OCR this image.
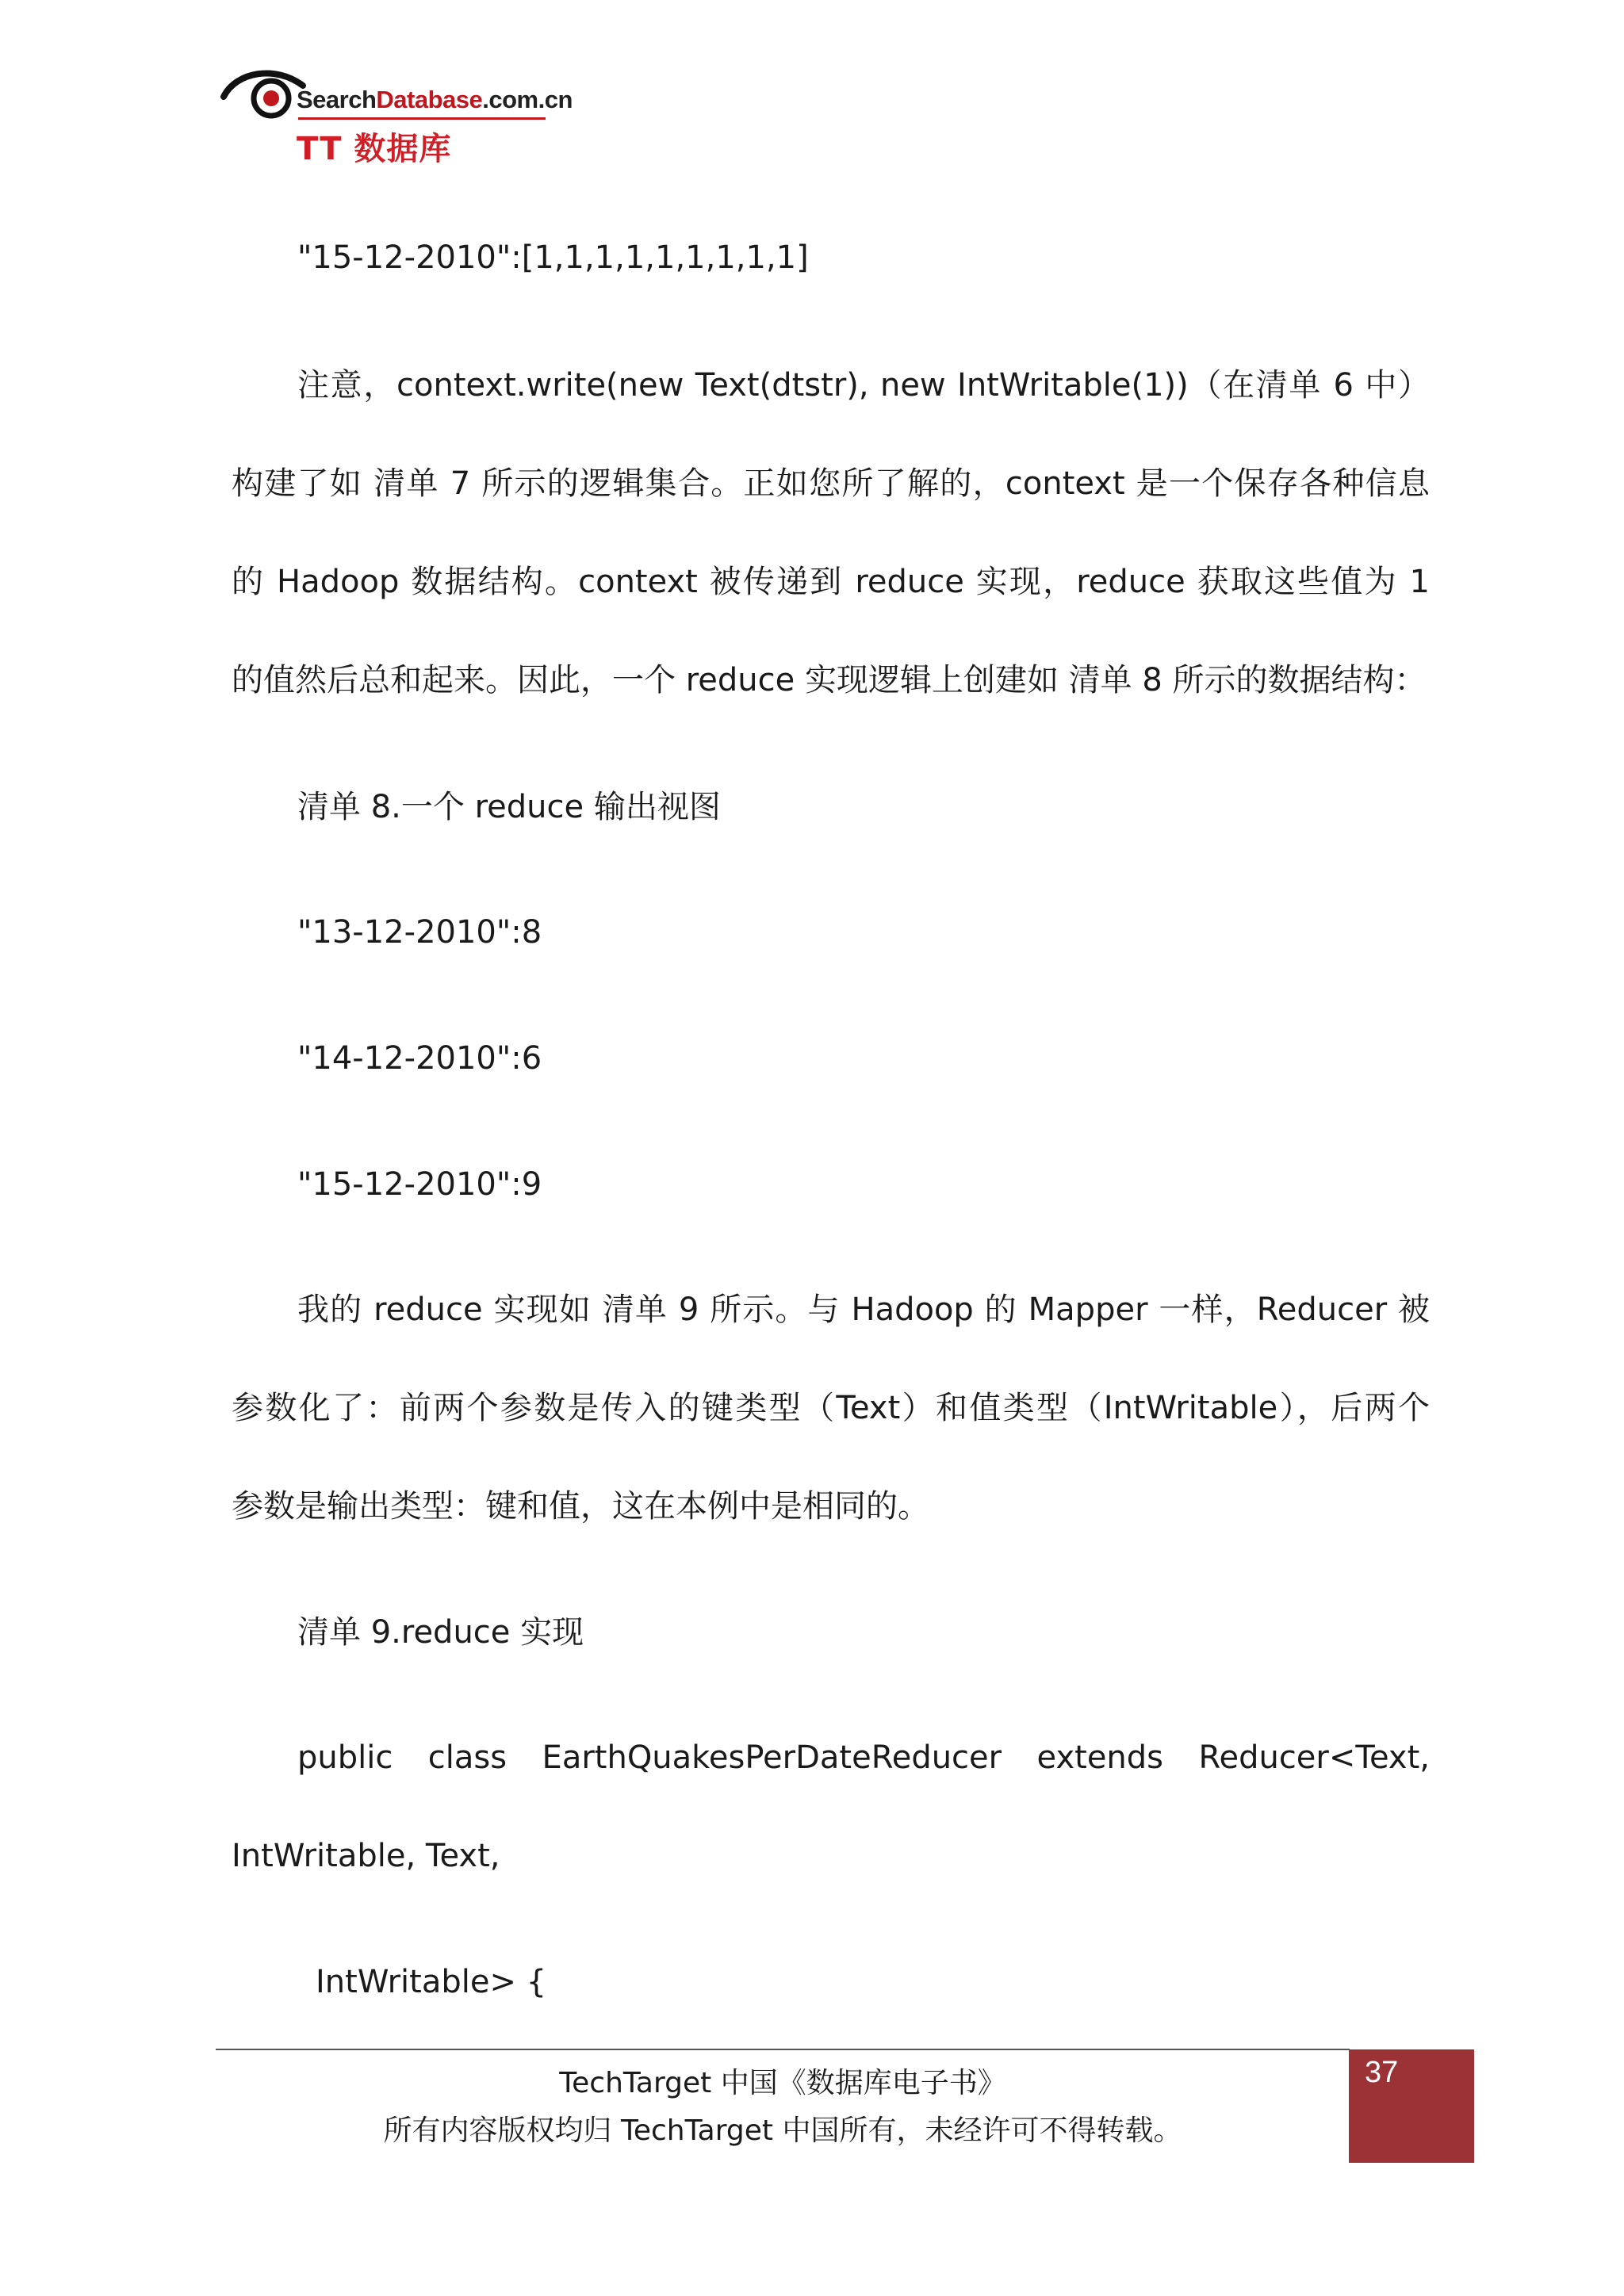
SearchDatabase.com.cn
TT 数据库
"15-12-2010":[1,1,1,1,1,1,1,1,1]
注意，context.write(new Text(dtstr), new IntWritable(1))（在清单 6 中）
构建了如 清单 7 所示的逻辑集合。正如您所了解的，context 是一个保存各种信息
的 Hadoop 数据结构。context 被传递到 reduce 实现，reduce 获取这些值为 1
的值然后总和起来。因此，一个 reduce 实现逻辑上创建如 清单 8 所示的数据结构：
清单 8.一个 reduce 输出视图
"13-12-2010":8
"14-12-2010":6
"15-12-2010":9
我的 reduce 实现如 清单 9 所示。与 Hadoop 的 Mapper 一样，Reducer 被
参数化了：前两个参数是传入的键类型（Text）和值类型（IntWritable），后两个
参数是输出类型：键和值，这在本例中是相同的。
清单 9.reduce 实现
public class EarthQuakesPerDateReducer extends Reducer<Text,
IntWritable, Text,
IntWritable> {
TechTarget 中国《数据库电子书》
所有内容版权均归 TechTarget 中国所有，未经许可不得转载。
37
